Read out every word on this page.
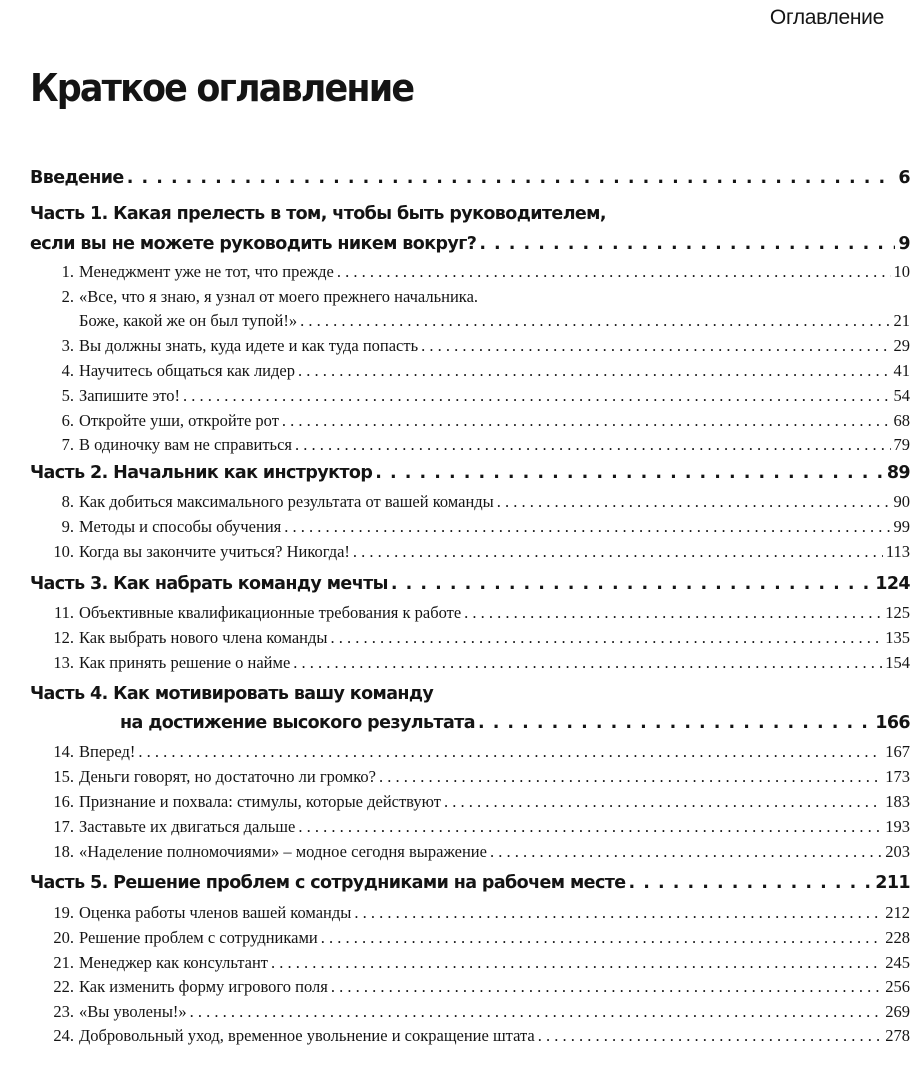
Оглавление
Краткое оглавление
Введение . . .	6
Часть 1. Какая прелесть в том, чтобы быть руководителем,
если вы не можете руководить никем вокруг? . . .	9
1. Менеджмент уже не тот, что прежде . . .	10
2. «Все, что я знаю, я узнал от моего прежнего начальника.
Боже, какой же он был тупой!» . . .	21
3. Вы должны знать, куда идете и как туда попасть . . .	29
4. Научитесь общаться как лидер . . .	41
5. Запишите это! . . .	54
6. Откройте уши, откройте рот . . .	68
7. В одиночку вам не справиться . . .	79
Часть 2. Начальник как инструктор . . .	89
8. Как добиться максимального результата от вашей команды . . .	90
9. Методы и способы обучения . . .	99
10. Когда вы закончите учиться? Никогда! . . .	113
Часть 3. Как набрать команду мечты . . .	124
11. Объективные квалификационные требования к работе . . .	125
12. Как выбрать нового члена команды . . .	135
13. Как принять решение о найме . . .	154
Часть 4. Как мотивировать вашу команду
на достижение высокого результата . . .	166
14. Вперед! . . .	167
15. Деньги говорят, но достаточно ли громко? . . .	173
16. Признание и похвала: стимулы, которые действуют . . .	183
17. Заставьте их двигаться дальше . . .	193
18. «Наделение полномочиями» – модное сегодня выражение . . .	203
Часть 5. Решение проблем с сотрудниками на рабочем месте . . .	211
19. Оценка работы членов вашей команды . . .	212
20. Решение проблем с сотрудниками . . .	228
21. Менеджер как консультант . . .	245
22. Как изменить форму игрового поля . . .	256
23. «Вы уволены!» . . .	269
24. Добровольный уход, временное увольнение и сокращение штата . . .	278
